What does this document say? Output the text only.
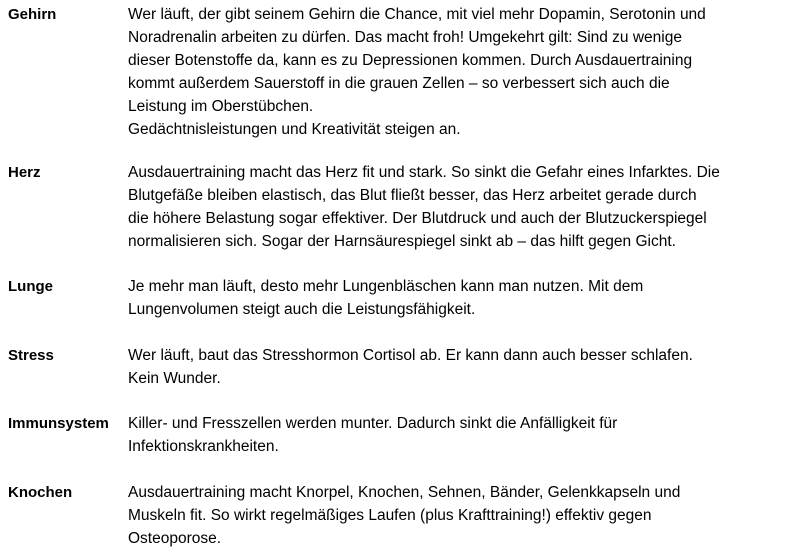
Gehirn	Wer läuft, der gibt seinem Gehirn die Chance, mit viel mehr Dopamin, Serotonin und
Noradrenalin arbeiten zu dürfen. Das macht froh! Umgekehrt gilt: Sind zu wenige
dieser Botenstoffe da, kann es zu Depressionen kommen. Durch Ausdauertraining
kommt außerdem Sauerstoff in die grauen Zellen – so verbessert sich auch die
Leistung im Oberstübchen.
Gedächtnisleistungen und Kreativität steigen an.
Herz	Ausdauertraining macht das Herz fit und stark. So sinkt die Gefahr eines Infarktes. Die
Blutgefäße bleiben elastisch, das Blut fließt besser, das Herz arbeitet gerade durch
die höhere Belastung sogar effektiver. Der Blutdruck und auch der Blutzuckerspiegel
normalisieren sich. Sogar der Harnsäurespiegel sinkt ab – das hilft gegen Gicht.
Lunge	Je mehr man läuft, desto mehr Lungenbläschen kann man nutzen. Mit dem
Lungenvolumen steigt auch die Leistungsfähigkeit.
Stress	Wer läuft, baut das Stresshormon Cortisol ab. Er kann dann auch besser schlafen.
Kein Wunder.
Immunsystem	Killer- und Fresszellen werden munter. Dadurch sinkt die Anfälligkeit für
Infektionskrankheiten.
Knochen	Ausdauertraining macht Knorpel, Knochen, Sehnen, Bänder, Gelenkkapseln und
Muskeln fit. So wirkt regelmäßiges Laufen (plus Krafttraining!) effektiv gegen
Osteoporose.
